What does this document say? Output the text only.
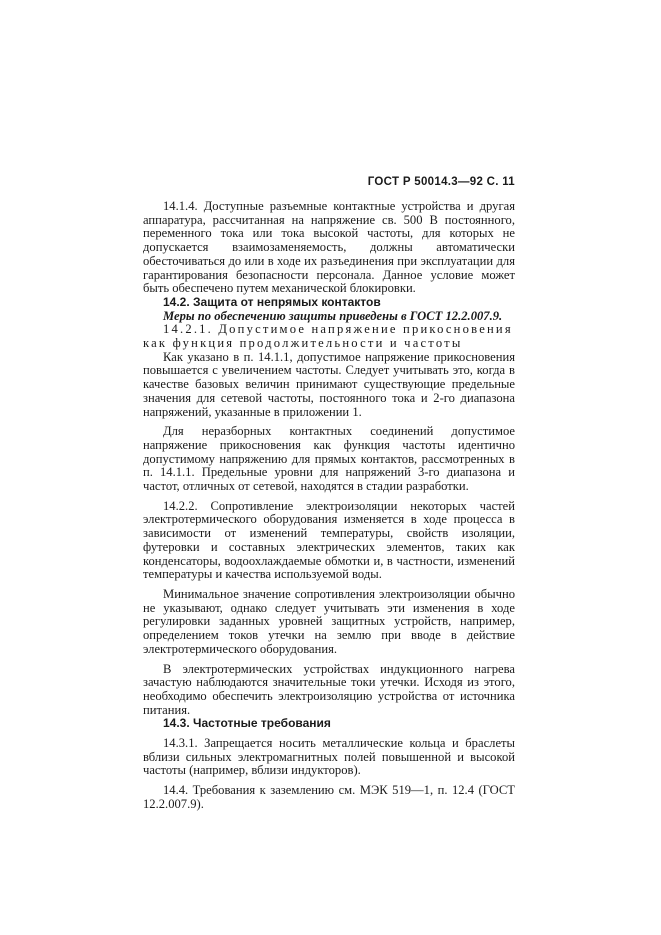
ГОСТ Р 50014.3—92 С. 11

14.1.4. Доступные разъемные контактные устройства и другая аппаратура, рассчитанная на напряжение св. 500 В постоянного, переменного тока или тока высокой частоты, для которых не допускается взаимозаменяемость, должны автоматически обесточиваться до или в ходе их разъединения при эксплуатации для гарантирования безопасности персонала. Данное условие может быть обеспечено путем механической блокировки.

14.2. Защита от непрямых контактов

Меры по обеспечению защиты приведены в ГОСТ 12.2.007.9.

14.2.1. Допустимое напряжение прикосновения как функция продолжительности и частоты

Как указано в п. 14.1.1, допустимое напряжение прикосновения повышается с увеличением частоты. Следует учитывать это, когда в качестве базовых величин принимают существующие предельные значения для сетевой частоты, постоянного тока и 2-го диапазона напряжений, указанные в приложении 1.

Для неразборных контактных соединений допустимое напряжение прикосновения как функция частоты идентично допустимому напряжению для прямых контактов, рассмотренных в п. 14.1.1. Предельные уровни для напряжений 3-го диапазона и частот, отличных от сетевой, находятся в стадии разработки.

14.2.2. Сопротивление электроизоляции некоторых частей электротермического оборудования изменяется в ходе процесса в зависимости от изменений температуры, свойств изоляции, футеровки и составных электрических элементов, таких как конденсаторы, водоохлаждаемые обмотки и, в частности, изменений температуры и качества используемой воды.

Минимальное значение сопротивления электроизоляции обычно не указывают, однако следует учитывать эти изменения в ходе регулировки заданных уровней защитных устройств, например, определением токов утечки на землю при вводе в действие электротермического оборудования.

В электротермических устройствах индукционного нагрева зачастую наблюдаются значительные токи утечки. Исходя из этого, необходимо обеспечить электроизоляцию устройства от источника питания.

14.3. Частотные требования

14.3.1. Запрещается носить металлические кольца и браслеты вблизи сильных электромагнитных полей повышенной и высокой частоты (например, вблизи индукторов).

14.4. Требования к заземлению см. МЭК 519—1, п. 12.4 (ГОСТ 12.2.007.9).
